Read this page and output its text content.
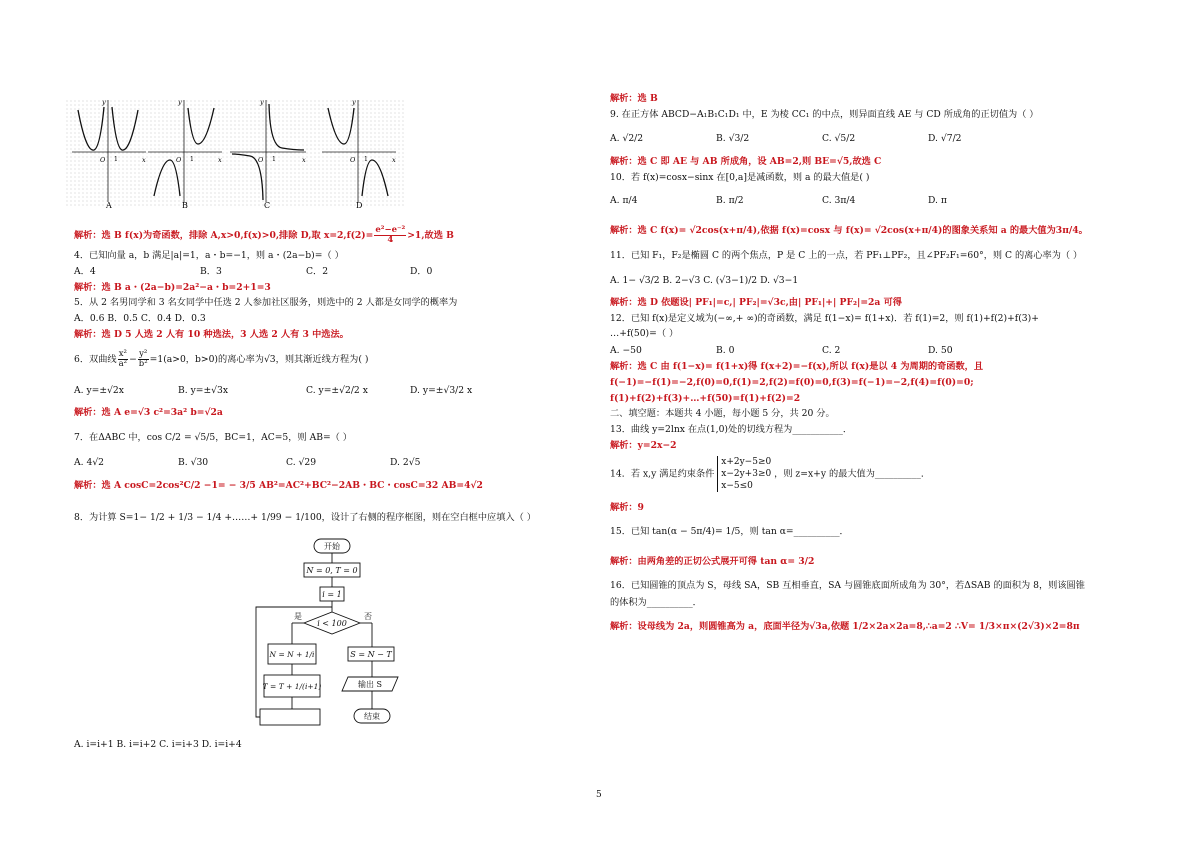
A	B	C	D
y	y	y	y
x	x	x	x
O	O	O	O
1	1	1	1
解析：选 B f(x)为奇函数，排除 A,x>0,f(x)>0,排除 D,取 $x=2,f(2)= \frac{\text{e²−e⁻²}}{4} >1$,故选 B
4．已知向量 a，b 满足|a|=1，a・b=−1，则 a・(2a−b)=（ ）
A．4	B．3	C．2	D．0
解析：选 B a・(2a−b)=2a²−a・b=2+1=3
5．从 2 名男同学和 3 名女同学中任选 2 人参加社区服务，则选中的 2 人都是女同学的概率为
A．0.6 B．0.5 C．0.4 D．0.3
解析：选 D 5 人选 2 人有 10 种选法，3 人选 2 人有 3 中选法。
6．双曲线 $\frac{\text{x²}}{\text{a²}} - \frac{\text{y²}}{\text{b²}} =1(a>0$，b>0)的离心率为√3，则其渐近线方程为( )
A. y=±√2x	B. y=±√3x	C. y=±√2/2 x	D. y=±√3/2 x
解析：选 A e=√3 c²=3a² b=√2a
7．在ΔABC 中，cos C/2 = √5/5，BC=1，AC=5，则 AB=（ ）
A. 4√2	B. √30	C. √29	D. 2√5
解析：选 A cosC=2cos²C/2 −1= − 3/5 AB²=AC²+BC²−2AB・BC・cosC=32 AB=4√2
8．为计算 S=1− 1/2 + 1/3 − 1/4 +……+ 1/99 − 1/100，设计了右侧的程序框图，则在空白框中应填入（ ）
开始
N = 0, T = 0
i = 1
i < 100
是	否
N = N + 1/i
T = T + 1/(i+1)
S = N − T
输出 S
结束
A. i=i+1 B. i=i+2 C. i=i+3 D. i=i+4
解析：选 B
9. 在正方体 ABCD−A₁B₁C₁D₁ 中，E 为棱 CC₁ 的中点，则异面直线 AE 与 CD 所成角的正切值为（ ）
A. √2/2	B. √3/2	C. √5/2	D. √7/2
解析：选 C 即 AE 与 AB 所成角，设 AB=2,则 BE=√5,故选 C
10．若 f(x)=cosx−sinx 在[0,a]是减函数，则 a 的最大值是( )
A. π/4	B. π/2	C. 3π/4	D. π
解析：选 C f(x)= √2cos(x+π/4),依据 f(x)=cosx 与 f(x)= √2cos(x+π/4)的图象关系知 a 的最大值为3π/4。
11．已知 F₁，F₂是椭圆 C 的两个焦点，P 是 C 上的一点，若 PF₁⊥PF₂，且∠PF₂F₁=60°，则 C 的离心率为（ ）
A. 1− √3/2 B. 2−√3 C. (√3−1)/2 D. √3−1
解析：选 D 依题设| PF₁|=c,| PF₂|=√3c,由| PF₁|+| PF₂|=2a 可得
12．已知 f(x)是定义域为(−∞,+ ∞)的奇函数，满足 f(1−x)= f(1+x)．若 f(1)=2，则 f(1)+f(2)+f(3)+
…+f(50)=（ ）
A. −50	B. 0	C. 2	D. 50
解析：选 C 由 f(1−x)= f(1+x)得 f(x+2)=−f(x),所以 f(x)是以 4 为周期的奇函数，且
f(−1)=−f(1)=−2,f(0)=0,f(1)=2,f(2)=f(0)=0,f(3)=f(−1)=−2,f(4)=f(0)=0;
f(1)+f(2)+f(3)+…+f(50)=f(1)+f(2)=2
二、填空题：本题共 4 小题，每小题 5 分，共 20 分。
13．曲线 y=2lnx 在点(1,0)处的切线方程为___________．
解析：y=2x−2
14．若 x,y 满足约束条件 x+2y−5≥0
x−2y+3≥0
x−5≤0 ，则 z=x+y 的最大值为__________．
解析：9
15．已知 tan(α − 5π/4)= 1/5，则 tan α=__________．
解析：由两角差的正切公式展开可得 tan α= 3/2
16．已知圆锥的顶点为 S，母线 SA，SB 互相垂直，SA 与圆锥底面所成角为 30°，若ΔSAB 的面积为 8，则该圆锥
的体积为__________．
解析：设母线为 2a，则圆锥高为 a，底面半径为√3a,依题 1/2×2a×2a=8,∴a=2 ∴V= 1/3×π×(2√3)×2=8π
5
